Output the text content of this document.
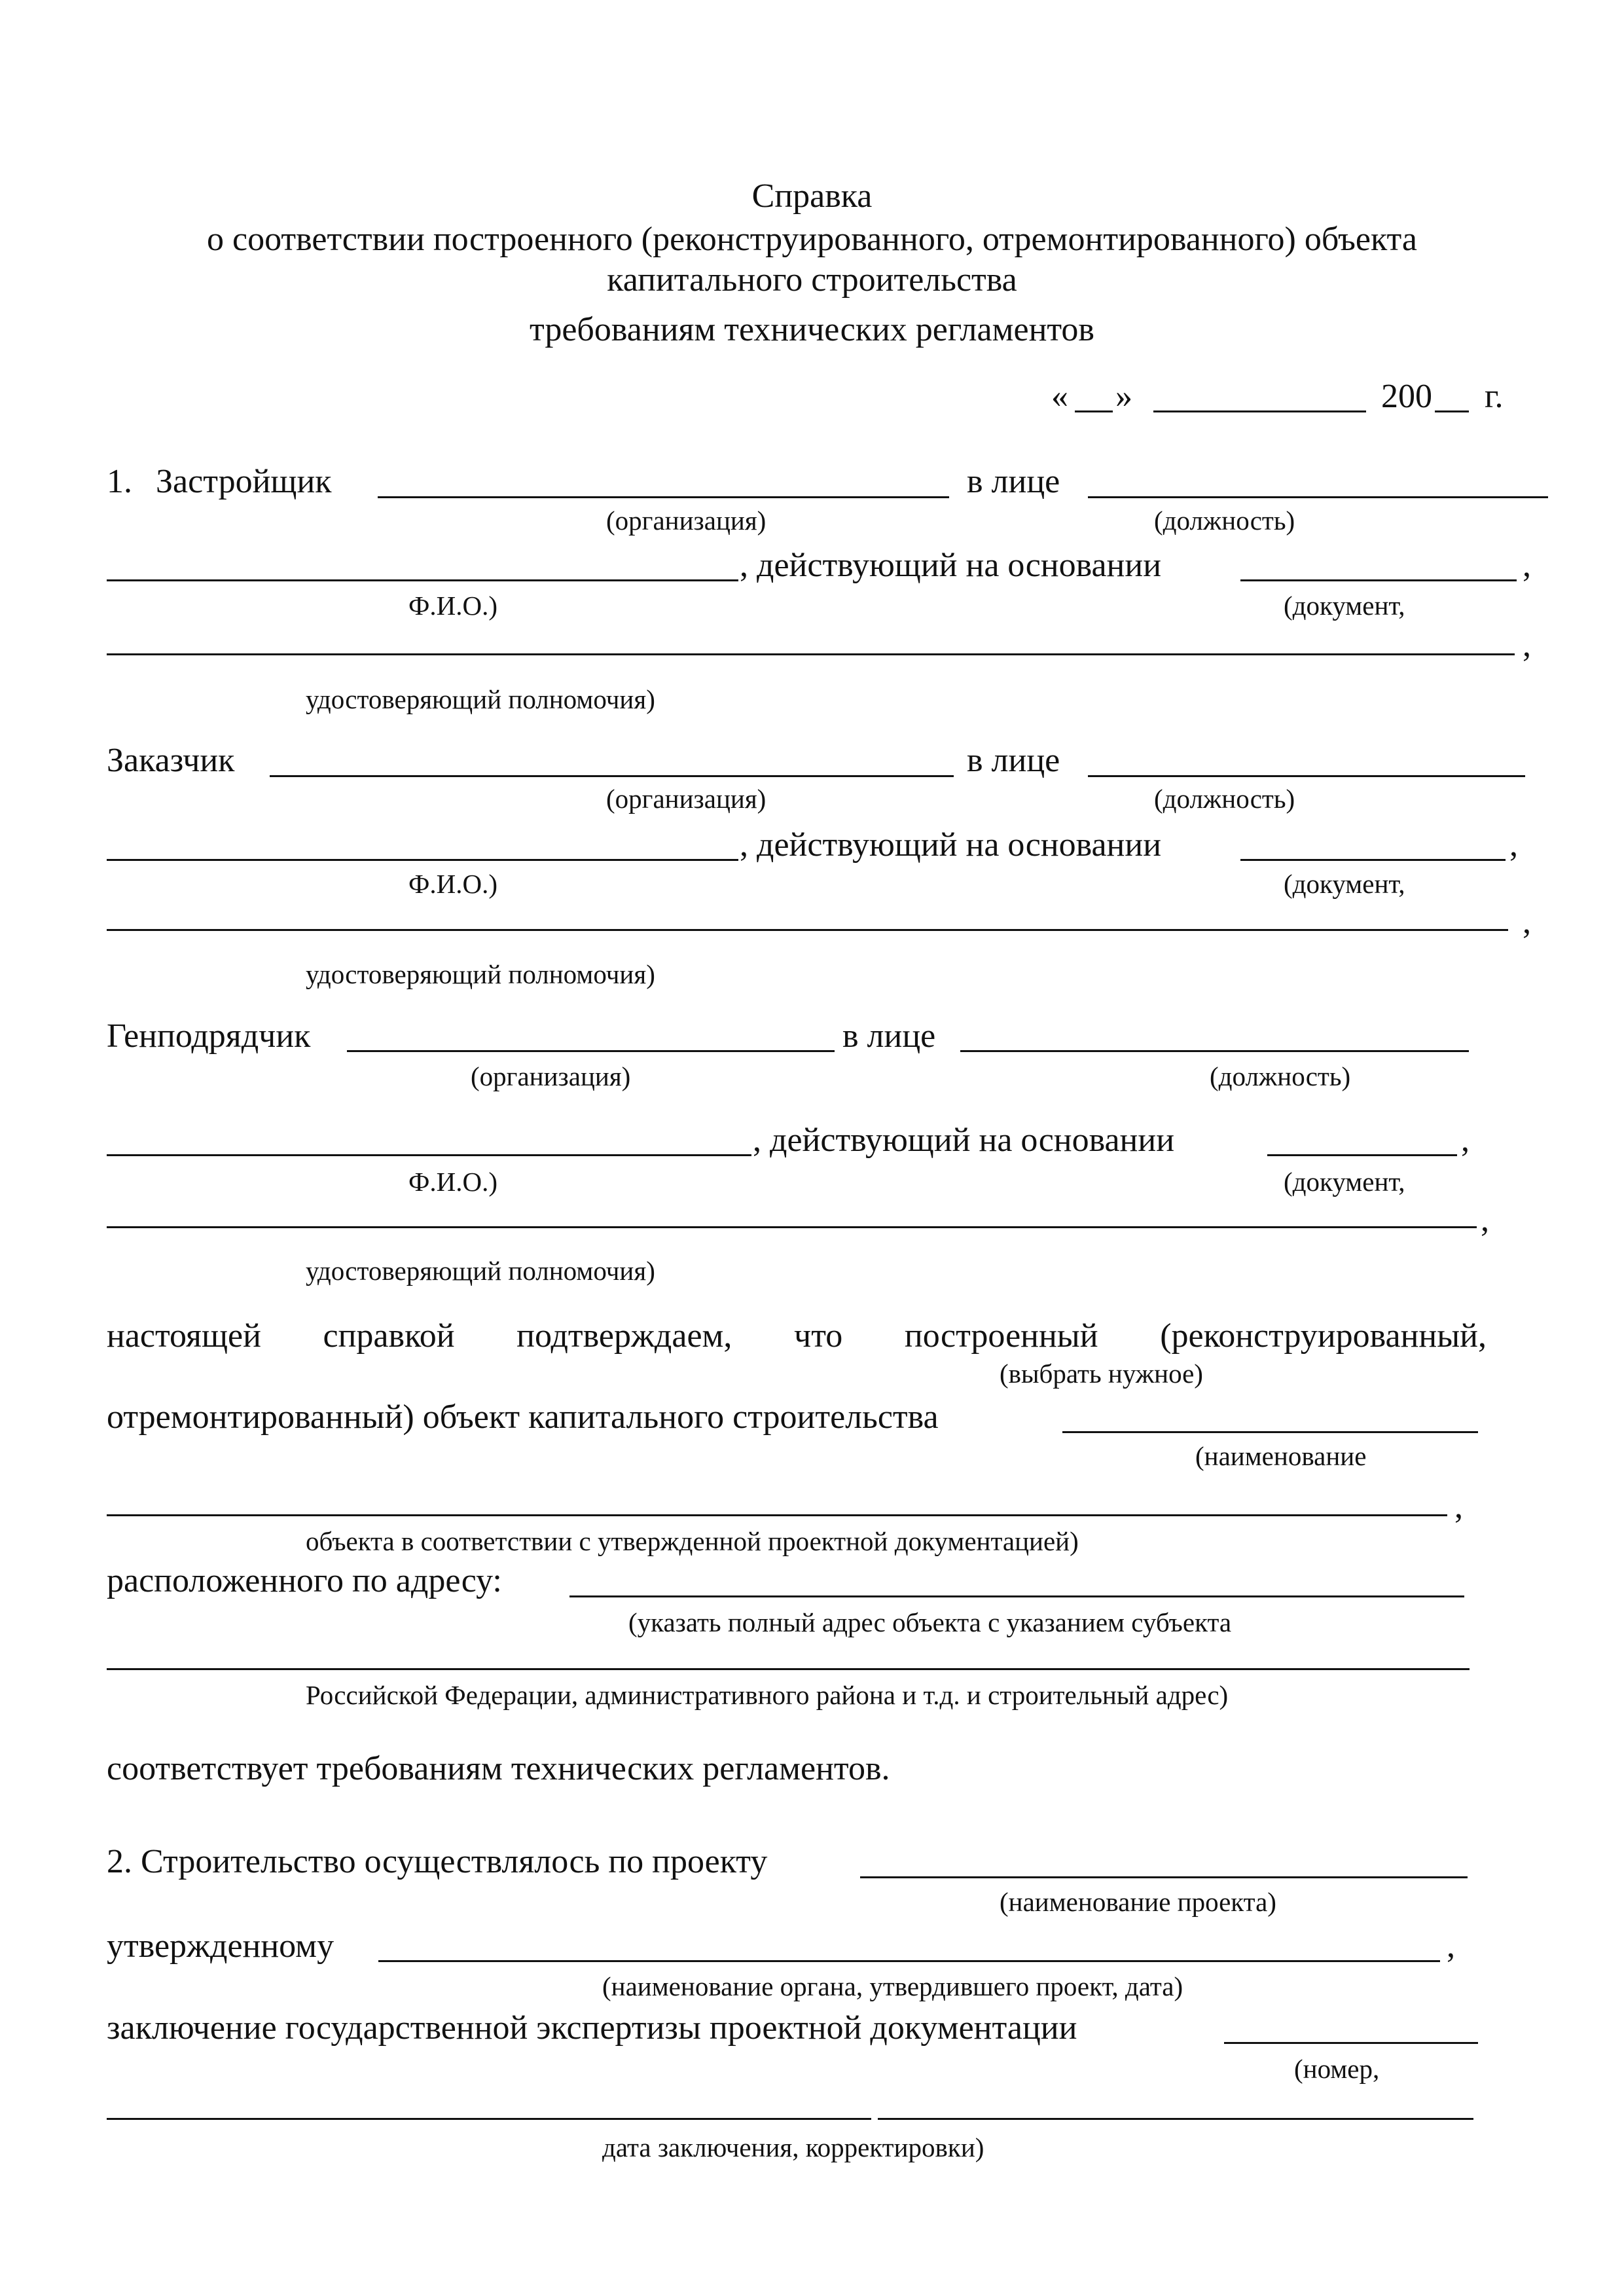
Справка
о соответствии построенного (реконструированного, отремонтированного) объекта
капитального строительства
требованиям технических регламентов
« »	200 г.
1. Застройщик	в лице
(организация)	(должность)
, действующий на основании	,
Ф.И.О.)	(документ,
,
удостоверяющий полномочия)
Заказчик	в лице
(организация)	(должность)
, действующий на основании	,
Ф.И.О.)	(документ,
,
удостоверяющий полномочия)
Генподрядчик	в лице
(организация)	(должность)
, действующий на основании	,
Ф.И.О.)	(документ,
,
удостоверяющий полномочия)
настоящей справкой подтверждаем, что построенный (реконструированный,
(выбрать нужное)
отремонтированный) объект капитального строительства
(наименование
,
объекта в соответствии с утвержденной проектной документацией)
расположенного по адресу:
(указать полный адрес объекта с указанием субъекта
Российской Федерации, административного района и т.д. и строительный адрес)
соответствует требованиям технических регламентов.
2. Строительство осуществлялось по проекту
(наименование проекта)
утвержденному	,
(наименование органа, утвердившего проект, дата)
заключение государственной экспертизы проектной документации
(номер,
дата заключения, корректировки)
